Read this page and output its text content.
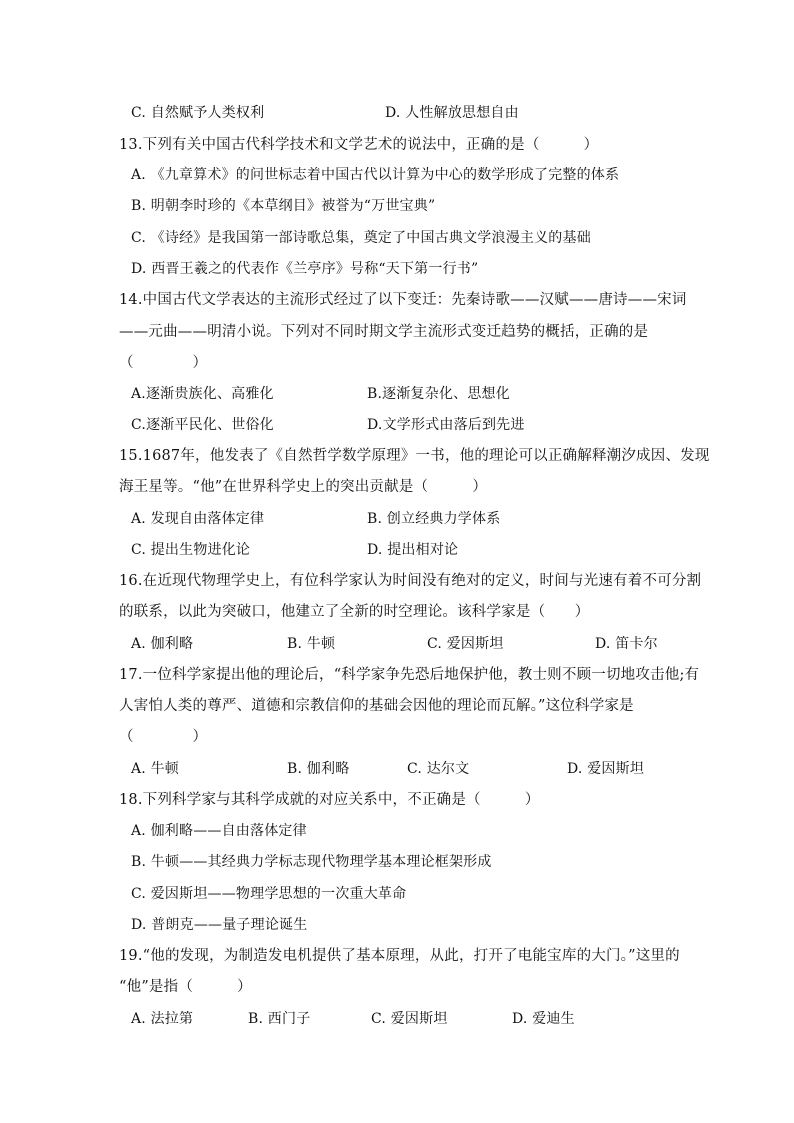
C. 自然赋予人类权利	D. 人性解放思想自由
13.下列有关中国古代科学技术和文学艺术的说法中，正确的是（　　　）
A. 《九章算术》的问世标志着中国古代以计算为中心的数学形成了完整的体系
B. 明朝李时珍的《本草纲目》被誉为“万世宝典”
C. 《诗经》是我国第一部诗歌总集，奠定了中国古典文学浪漫主义的基础
D. 西晋王羲之的代表作《兰亭序》号称“天下第一行书”
14.中国古代文学表达的主流形式经过了以下变迁：先秦诗歌——汉赋——唐诗——宋词
——元曲——明清小说。下列对不同时期文学主流形式变迁趋势的概括，正确的是
（　　　　）
A.逐渐贵族化、高雅化	B.逐渐复杂化、思想化
C.逐渐平民化、世俗化	D.文学形式由落后到先进
15.1687年，他发表了《自然哲学数学原理》一书，他的理论可以正确解释潮汐成因、发现
海王星等。“他”在世界科学史上的突出贡献是（　　　）
A. 发现自由落体定律	B. 创立经典力学体系
C. 提出生物进化论	D. 提出相对论
16.在近现代物理学史上，有位科学家认为时间没有绝对的定义，时间与光速有着不可分割
的联系，以此为突破口，他建立了全新的时空理论。该科学家是（　　）
A. 伽利略	B. 牛顿	C. 爱因斯坦	D. 笛卡尔
17.一位科学家提出他的理论后，“科学家争先恐后地保护他，教士则不顾一切地攻击他;有
人害怕人类的尊严、道德和宗教信仰的基础会因他的理论而瓦解。”这位科学家是
（　　　　）
A. 牛顿	B. 伽利略	C. 达尔文	D. 爱因斯坦
18.下列科学家与其科学成就的对应关系中，不正确是（　　　）
A. 伽利略——自由落体定律
B. 牛顿——其经典力学标志现代物理学基本理论框架形成
C. 爱因斯坦——物理学思想的一次重大革命
D. 普朗克——量子理论诞生
19.“他的发现，为制造发电机提供了基本原理，从此，打开了电能宝库的大门。”这里的
“他”是指（　　　）
A. 法拉第	B. 西门子	C. 爱因斯坦	D. 爱迪生
